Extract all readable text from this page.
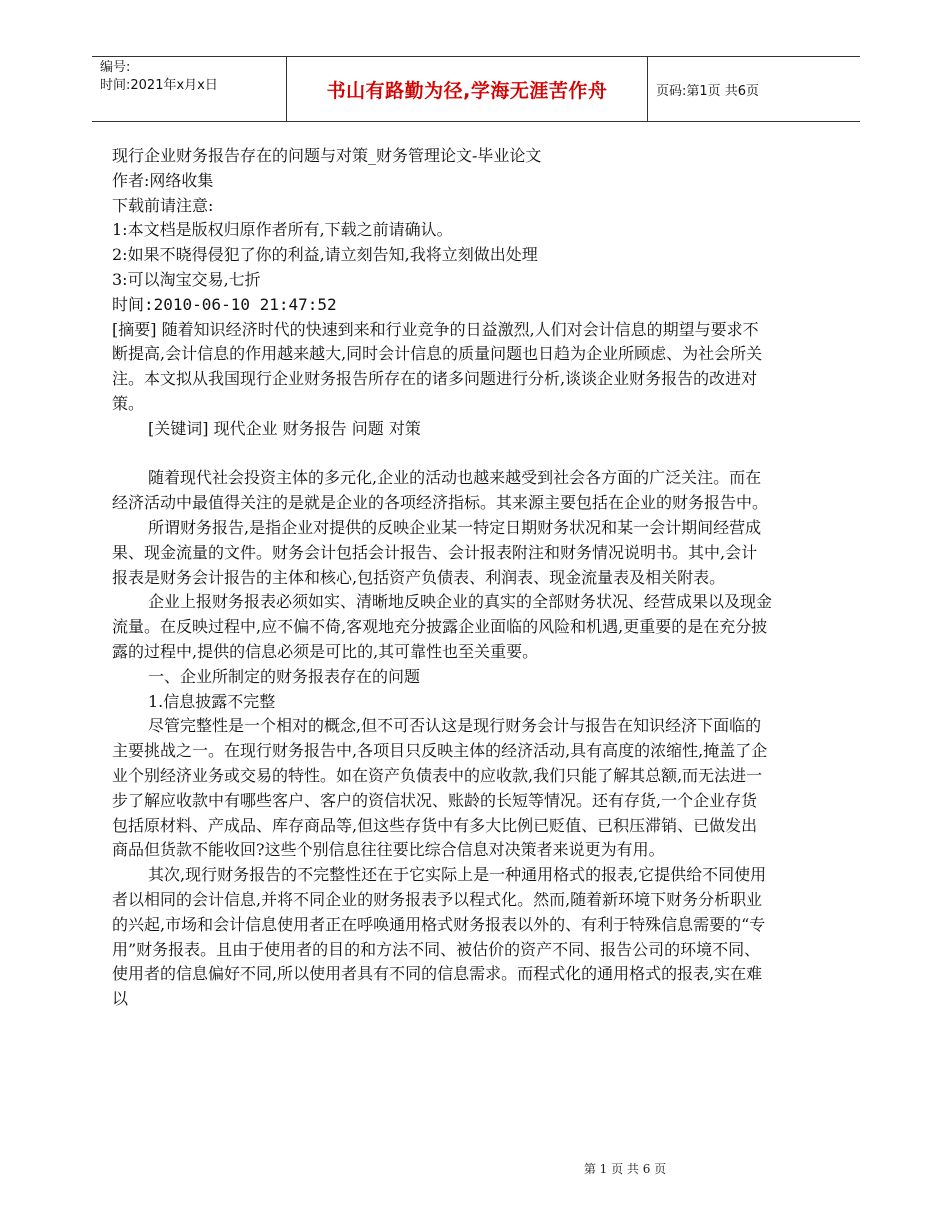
编号:
时间:2021年x月x日	书山有路勤为径,学海无涯苦作舟	页码:第1页 共6页

现行企业财务报告存在的问题与对策_财务管理论文-毕业论文

作者:网络收集

下载前请注意:

1:本文档是版权归原作者所有,下载之前请确认。

2:如果不晓得侵犯了你的利益,请立刻告知,我将立刻做出处理

3:可以淘宝交易,七折

时间:2010-06-10 21:47:52

[摘要] 随着知识经济时代的快速到来和行业竞争的日益激烈,人们对会计信息的期望与要求不断提高,会计信息的作用越来越大,同时会计信息的质量问题也日趋为企业所顾虑、为社会所关注。本文拟从我国现行企业财务报告所存在的诸多问题进行分析,谈谈企业财务报告的改进对策。

[关键词] 现代企业 财务报告 问题 对策

随着现代社会投资主体的多元化,企业的活动也越来越受到社会各方面的广泛关注。而在经济活动中最值得关注的是就是企业的各项经济指标。其来源主要包括在企业的财务报告中。

所谓财务报告,是指企业对提供的反映企业某一特定日期财务状况和某一会计期间经营成果、现金流量的文件。财务会计包括会计报告、会计报表附注和财务情况说明书。其中,会计报表是财务会计报告的主体和核心,包括资产负债表、利润表、现金流量表及相关附表。

企业上报财务报表必须如实、清晰地反映企业的真实的全部财务状况、经营成果以及现金流量。在反映过程中,应不偏不倚,客观地充分披露企业面临的风险和机遇,更重要的是在充分披露的过程中,提供的信息必须是可比的,其可靠性也至关重要。

一、企业所制定的财务报表存在的问题

1.信息披露不完整

尽管完整性是一个相对的概念,但不可否认这是现行财务会计与报告在知识经济下面临的主要挑战之一。在现行财务报告中,各项目只反映主体的经济活动,具有高度的浓缩性,掩盖了企业个别经济业务或交易的特性。如在资产负债表中的应收款,我们只能了解其总额,而无法进一步了解应收款中有哪些客户、客户的资信状况、账龄的长短等情况。还有存货,一个企业存货包括原材料、产成品、库存商品等,但这些存货中有多大比例已贬值、已积压滞销、已做发出商品但货款不能收回?这些个别信息往往要比综合信息对决策者来说更为有用。

其次,现行财务报告的不完整性还在于它实际上是一种通用格式的报表,它提供给不同使用者以相同的会计信息,并将不同企业的财务报表予以程式化。然而,随着新环境下财务分析职业的兴起,市场和会计信息使用者正在呼唤通用格式财务报表以外的、有利于特殊信息需要的“专用”财务报表。且由于使用者的目的和方法不同、被估价的资产不同、报告公司的环境不同、使用者的信息偏好不同,所以使用者具有不同的信息需求。而程式化的通用格式的报表,实在难以

第 1 页 共 6 页
